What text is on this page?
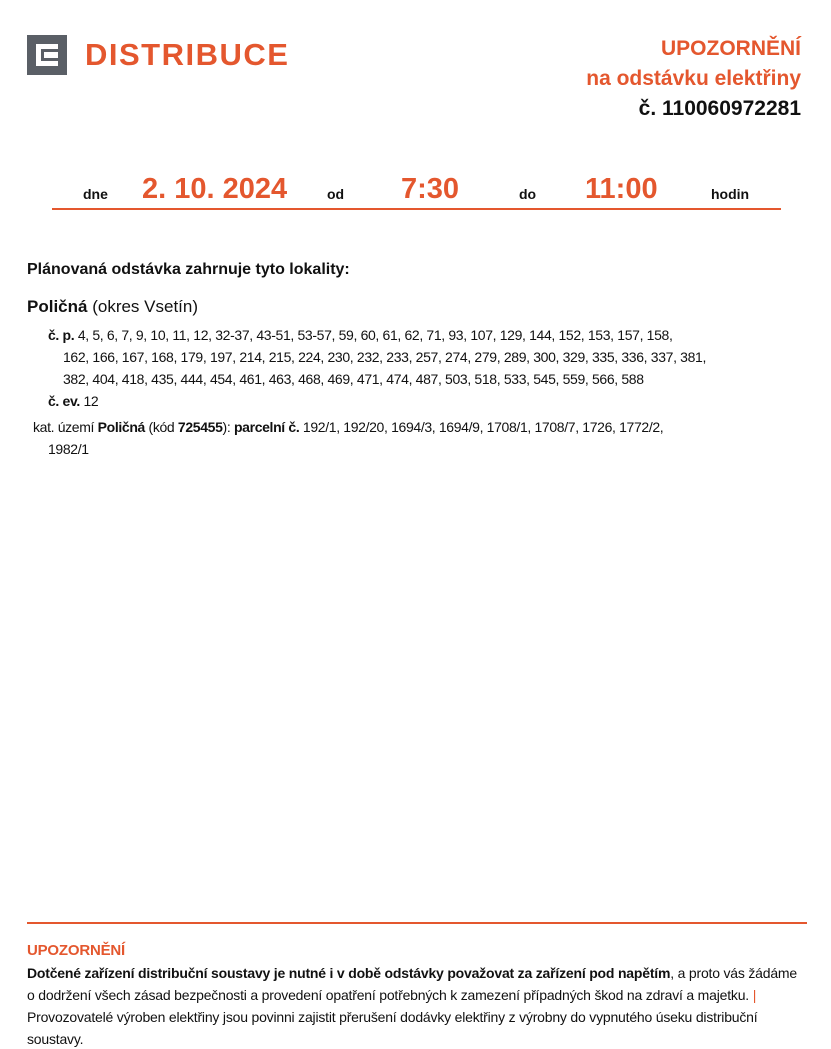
DISTRIBUCE	UPOZORNĚNÍ
na odstávku elektřiny
č. 110060972281
dne 2. 10. 2024	od 7:30	do 11:00	hodin
Plánovaná odstávka zahrnuje tyto lokality:
Poličná (okres Vsetín)
č. p. 4, 5, 6, 7, 9, 10, 11, 12, 32-37, 43-51, 53-57, 59, 60, 61, 62, 71, 93, 107, 129, 144, 152, 153, 157, 158,
162, 166, 167, 168, 179, 197, 214, 215, 224, 230, 232, 233, 257, 274, 279, 289, 300, 329, 335, 336, 337, 381,
382, 404, 418, 435, 444, 454, 461, 463, 468, 469, 471, 474, 487, 503, 518, 533, 545, 559, 566, 588
č. ev. 12
kat. území Poličná (kód 725455): parcelní č. 192/1, 192/20, 1694/3, 1694/9, 1708/1, 1708/7, 1726, 1772/2,
1982/1
UPOZORNĚNÍ
Dotčené zařízení distribuční soustavy je nutné i v době odstávky považovat za zařízení pod napětím, a proto vás žádáme o dodržení všech zásad bezpečnosti a provedení opatření potřebných k zamezení případných škod na zdraví a majetku. | Provozovatelé výroben elektřiny jsou povinni zajistit přerušení dodávky elektřiny z výrobny do vypnutého úseku distribuční soustavy.
